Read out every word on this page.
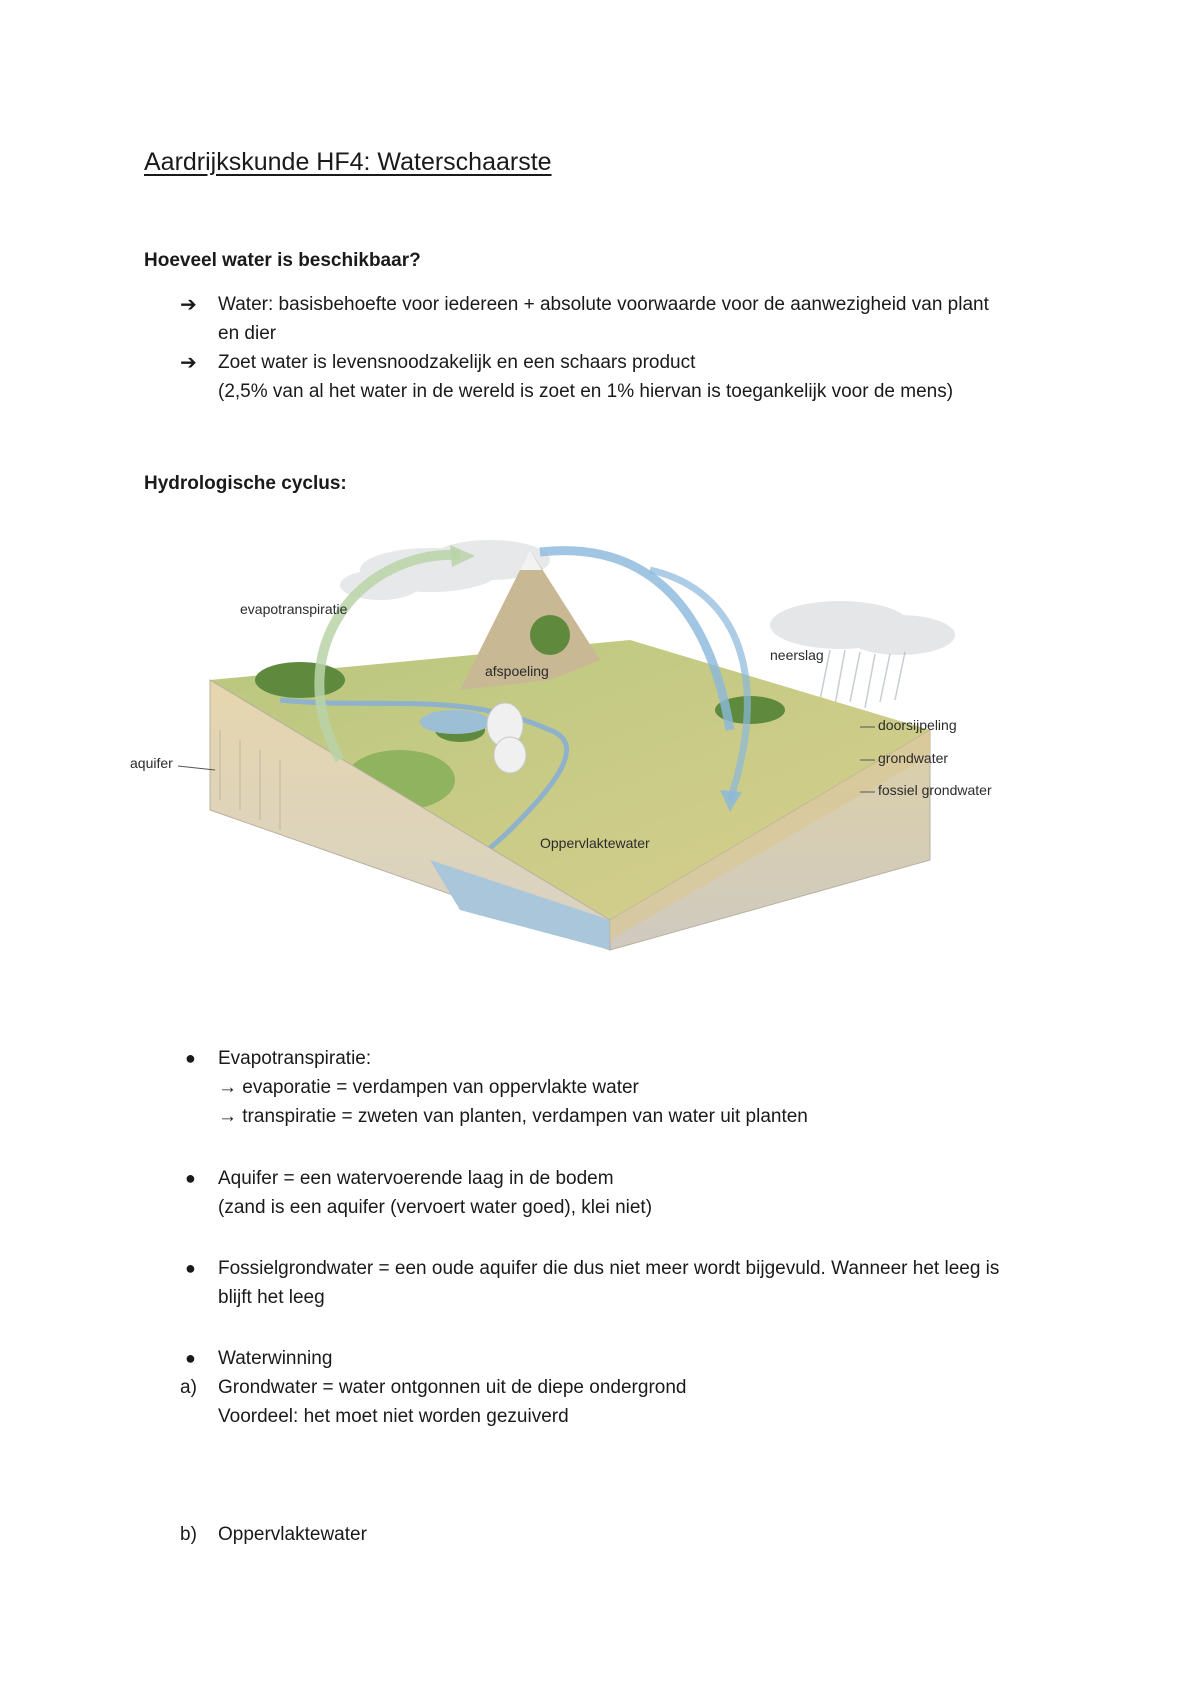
Aardrijkskunde HF4: Waterschaarste
Hoeveel water is beschikbaar?
➔ Water: basisbehoefte voor iedereen + absolute voorwaarde voor de aanwezigheid van plant
en dier
➔ Zoet water is levensnoodzakelijk en een schaars product
(2,5% van al het water in de wereld is zoet en 1% hiervan is toegankelijk voor de mens)
Hydrologische cyclus:
evapotranspiratie
afspoeling
neerslag
aquifer
doorsijpeling
grondwater
fossiel grondwater
Oppervlaktewater
● Evapotranspiratie:
→ evaporatie = verdampen van oppervlakte water
→ transpiratie = zweten van planten, verdampen van water uit planten
● Aquifer = een watervoerende laag in de bodem
(zand is een aquifer (vervoert water goed), klei niet)
● Fossielgrondwater = een oude aquifer die dus niet meer wordt bijgevuld. Wanneer het leeg is
blijft het leeg
● Waterwinning
a) Grondwater = water ontgonnen uit de diepe ondergrond
Voordeel: het moet niet worden gezuiverd
b) Oppervlaktewater
